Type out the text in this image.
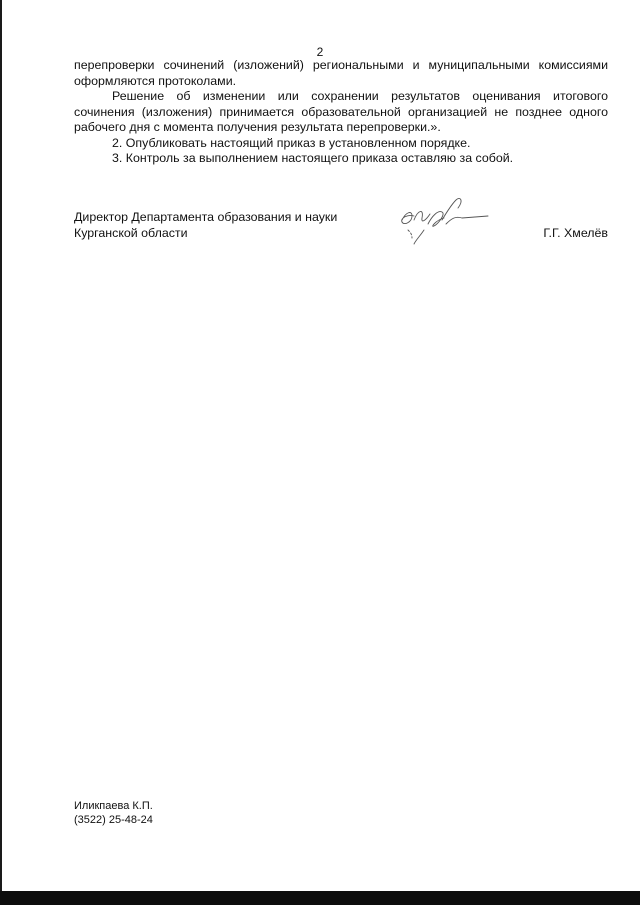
2

перепроверки сочинений (изложений) региональными и муниципальными комиссиями оформляются протоколами.

Решение об изменении или сохранении результатов оценивания итогового сочинения (изложения) принимается образовательной организацией не позднее одного рабочего дня с момента получения результата перепроверки.».

2. Опубликовать настоящий приказ в установленном порядке.

3. Контроль за выполнением настоящего приказа оставляю за собой.

Директор Департамента образования и науки
Курганской области	Г.Г. Хмелёв
Иликпаева К.П.
(3522) 25-48-24
